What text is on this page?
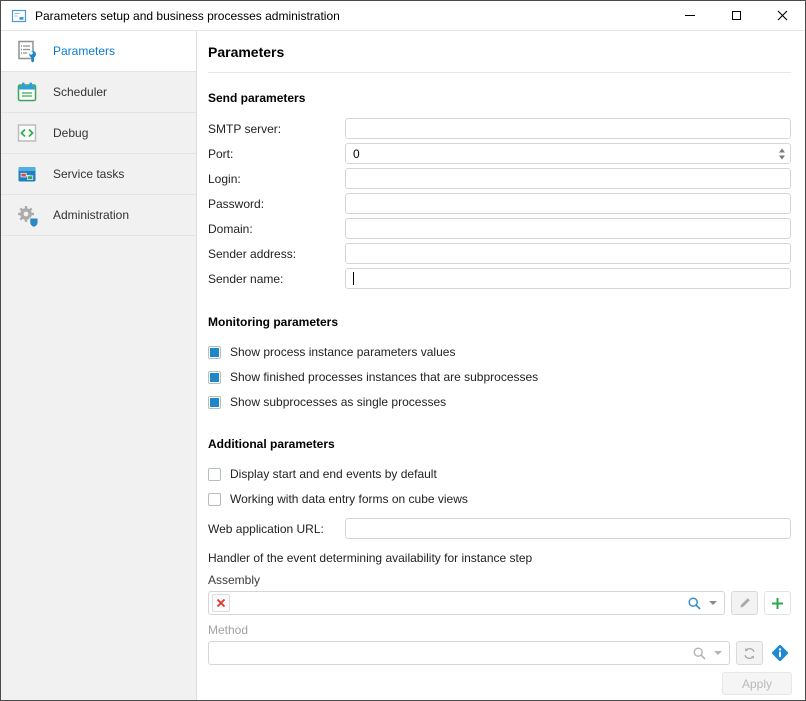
Parameters setup and business processes administration
Parameters
Scheduler
Debug
Service tasks
Administration
Parameters
Send parameters
SMTP server:
Port:
0
Login:
Password:
Domain:
Sender address:
Sender name:
Monitoring parameters
Show process instance parameters values
Show finished processes instances that are subprocesses
Show subprocesses as single processes
Additional parameters
Display start and end events by default
Working with data entry forms on cube views
Web application URL:
Handler of the event determining availability for instance step
Assembly
Method
Apply
